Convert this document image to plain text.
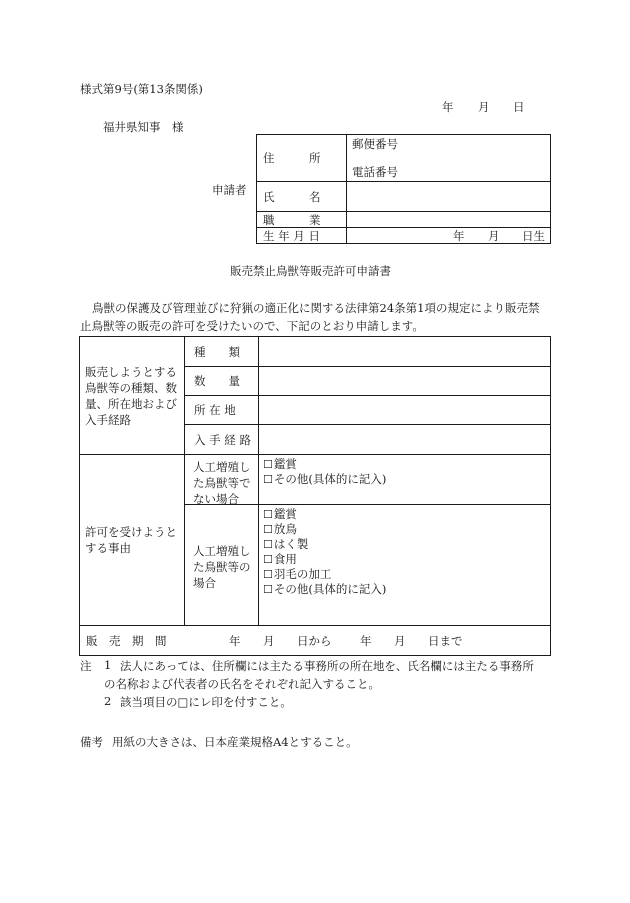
様式第9号(第13条関係)
年 月 日
福井県知事　様
申請者
住　　　所
郵便番号
電話番号
氏　　　名
職　　　業
生 年 月 日	年 月 日生
販売禁止鳥獣等販売許可申請書
鳥獣の保護及び管理並びに狩猟の適正化に関する法律第24条第1項の規定により販売禁
止鳥獣等の販売の許可を受けたいので、下記のとおり申請します。
販売しようとする鳥獣等の種類、数量、所在地および入手経路
種　　類
数　　量
所 在 地
入 手 経 路
許可を受けようとする事由
人工増殖した鳥獣等でない場合
人工増殖した鳥獣等の場合
☐ 鑑賞
☐ その他(具体的に記入)
☐ 鑑賞
☐ 放鳥
☐ はく製
☐ 食用
☐ 羽毛の加工
☐ その他(具体的に記入)
販　売　期　間	年 月 日から 年 月 日まで
注 1 法人にあっては、住所欄には主たる事務所の所在地を、氏名欄には主たる事務所
の名称および代表者の氏名をそれぞれ記入すること。
2 該当項目の□にレ印を付すこと。
備考 用紙の大きさは、日本産業規格A4とすること。
